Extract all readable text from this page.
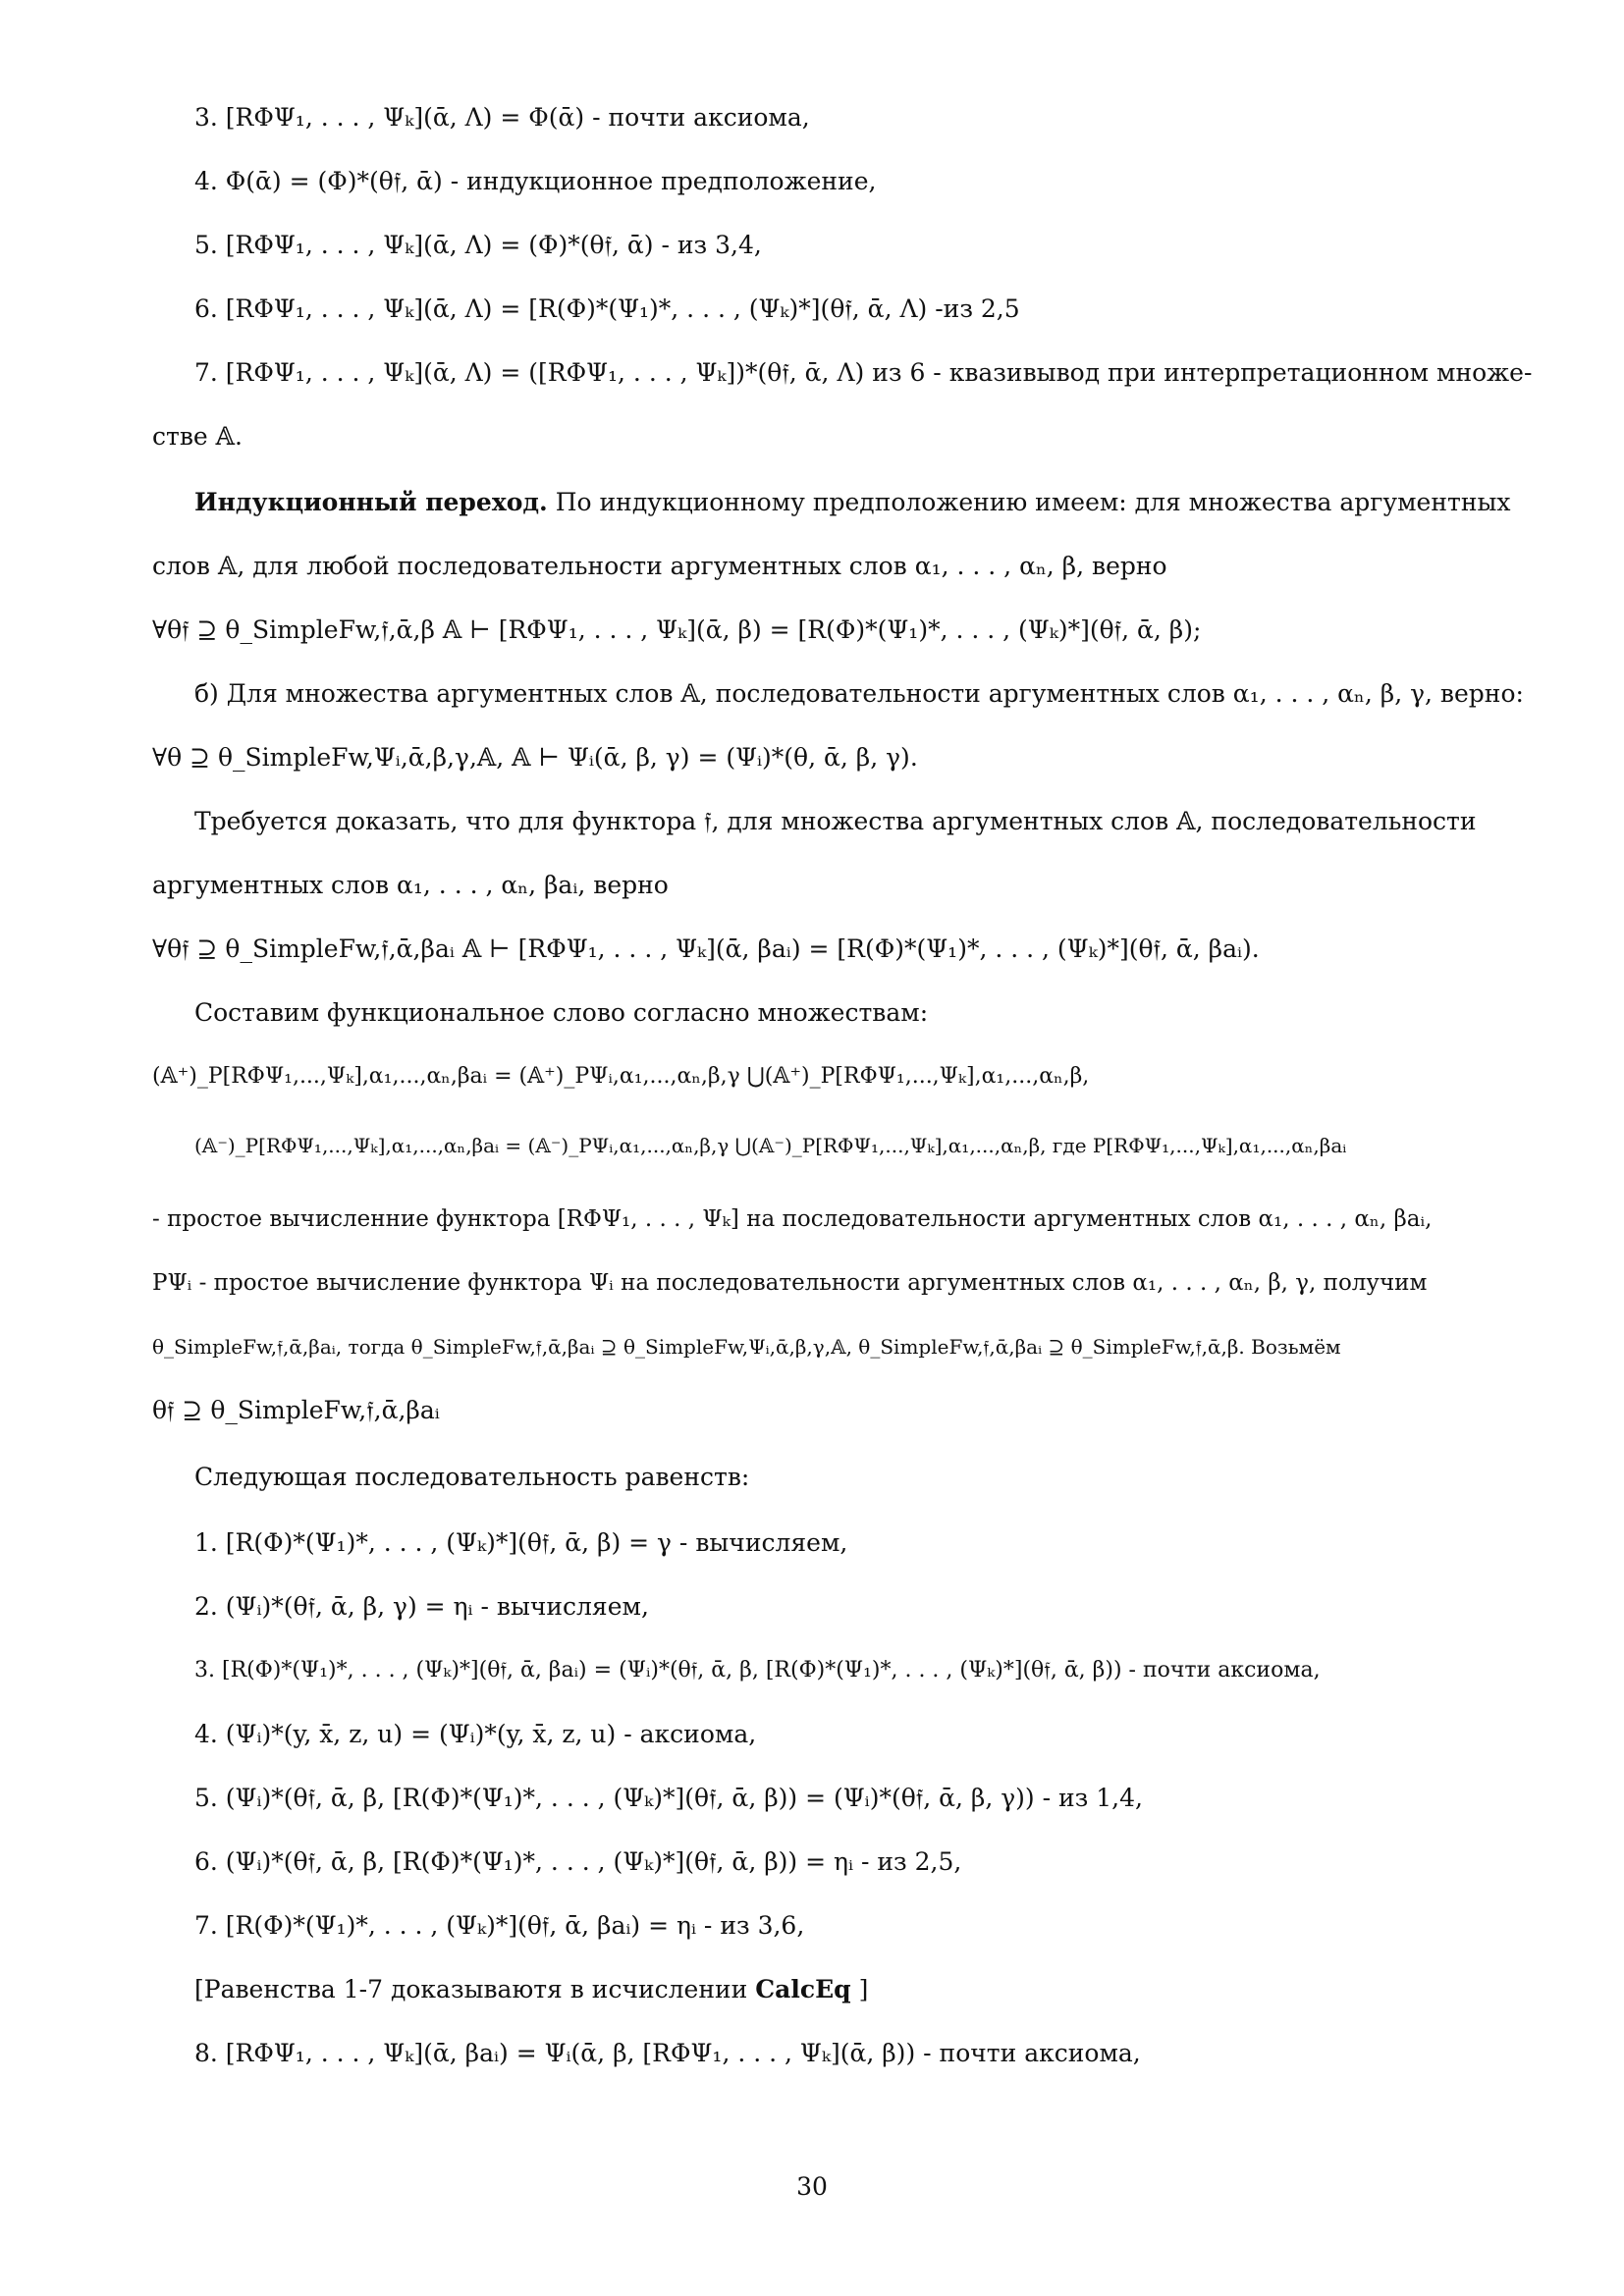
3. [RΦΨ₁, . . . , Ψₖ](ᾱ, Λ) = Φ(ᾱ) - почти аксиома,
4. Φ(ᾱ) = (Φ)*(θ𝔣, ᾱ) - индукционное предположение,
5. [RΦΨ₁, . . . , Ψₖ](ᾱ, Λ) = (Φ)*(θ𝔣, ᾱ) - из 3,4,
6. [RΦΨ₁, . . . , Ψₖ](ᾱ, Λ) = [R(Φ)*(Ψ₁)*, . . . , (Ψₖ)*](θ𝔣, ᾱ, Λ) -из 2,5
7. [RΦΨ₁, . . . , Ψₖ](ᾱ, Λ) = ([RΦΨ₁, . . . , Ψₖ])*(θ𝔣, ᾱ, Λ) из 6 - квазивывод при интерпретационном множе-
стве 𝔸.
Индукционный переход. По индукционному предположению имеем: для множества аргументных
слов 𝔸, для любой последовательности аргументных слов α₁, . . . , αₙ, β, верно
∀θ𝔣 ⊇ θ_SimpleFw,𝔣,ᾱ,β 𝔸 ⊢ [RΦΨ₁, . . . , Ψₖ](ᾱ, β) = [R(Φ)*(Ψ₁)*, . . . , (Ψₖ)*](θ𝔣, ᾱ, β);
б) Для множества аргументных слов 𝔸, последовательности аргументных слов α₁, . . . , αₙ, β, γ, верно:
∀θ ⊇ θ_SimpleFw,Ψᵢ,ᾱ,β,γ,𝔸, 𝔸 ⊢ Ψᵢ(ᾱ, β, γ) = (Ψᵢ)*(θ, ᾱ, β, γ).
Требуется доказать, что для функтора 𝔣, для множества аргументных слов 𝔸, последовательности
аргументных слов α₁, . . . , αₙ, βaᵢ, верно
∀θ𝔣 ⊇ θ_SimpleFw,𝔣,ᾱ,βaᵢ 𝔸 ⊢ [RΦΨ₁, . . . , Ψₖ](ᾱ, βaᵢ) = [R(Φ)*(Ψ₁)*, . . . , (Ψₖ)*](θ𝔣, ᾱ, βaᵢ).
Составим функциональное слово согласно множествам:
(𝔸⁺)_P[RΦΨ₁,...,Ψₖ],α₁,...,αₙ,βaᵢ = (𝔸⁺)_PΨᵢ,α₁,...,αₙ,β,γ ⋃(𝔸⁺)_P[RΦΨ₁,...,Ψₖ],α₁,...,αₙ,β,
(𝔸⁻)_P[RΦΨ₁,...,Ψₖ],α₁,...,αₙ,βaᵢ = (𝔸⁻)_PΨᵢ,α₁,...,αₙ,β,γ ⋃(𝔸⁻)_P[RΦΨ₁,...,Ψₖ],α₁,...,αₙ,β, где P[RΦΨ₁,...,Ψₖ],α₁,...,αₙ,βaᵢ
- простое вычисленние функтора [RΦΨ₁, . . . , Ψₖ] на последовательности аргументных слов α₁, . . . , αₙ, βaᵢ,
PΨᵢ - простое вычисление функтора Ψᵢ на последовательности аргументных слов α₁, . . . , αₙ, β, γ, получим
θ_SimpleFw,𝔣,ᾱ,βaᵢ, тогда θ_SimpleFw,𝔣,ᾱ,βaᵢ ⊇ θ_SimpleFw,Ψᵢ,ᾱ,β,γ,𝔸, θ_SimpleFw,𝔣,ᾱ,βaᵢ ⊇ θ_SimpleFw,𝔣,ᾱ,β. Возьмём
θ𝔣 ⊇ θ_SimpleFw,𝔣,ᾱ,βaᵢ
Следующая последовательность равенств:
1. [R(Φ)*(Ψ₁)*, . . . , (Ψₖ)*](θ𝔣, ᾱ, β) = γ - вычисляем,
2. (Ψᵢ)*(θ𝔣, ᾱ, β, γ) = ηᵢ - вычисляем,
3. [R(Φ)*(Ψ₁)*, . . . , (Ψₖ)*](θ𝔣, ᾱ, βaᵢ) = (Ψᵢ)*(θ𝔣, ᾱ, β, [R(Φ)*(Ψ₁)*, . . . , (Ψₖ)*](θ𝔣, ᾱ, β)) - почти аксиома,
4. (Ψᵢ)*(y, x̄, z, u) = (Ψᵢ)*(y, x̄, z, u) - аксиома,
5. (Ψᵢ)*(θ𝔣, ᾱ, β, [R(Φ)*(Ψ₁)*, . . . , (Ψₖ)*](θ𝔣, ᾱ, β)) = (Ψᵢ)*(θ𝔣, ᾱ, β, γ)) - из 1,4,
6. (Ψᵢ)*(θ𝔣, ᾱ, β, [R(Φ)*(Ψ₁)*, . . . , (Ψₖ)*](θ𝔣, ᾱ, β)) = ηᵢ - из 2,5,
7. [R(Φ)*(Ψ₁)*, . . . , (Ψₖ)*](θ𝔣, ᾱ, βaᵢ) = ηᵢ - из 3,6,
[Равенства 1-7 доказываютя в исчислении CalcEq ]
8. [RΦΨ₁, . . . , Ψₖ](ᾱ, βaᵢ) = Ψᵢ(ᾱ, β, [RΦΨ₁, . . . , Ψₖ](ᾱ, β)) - почти аксиома,
30
